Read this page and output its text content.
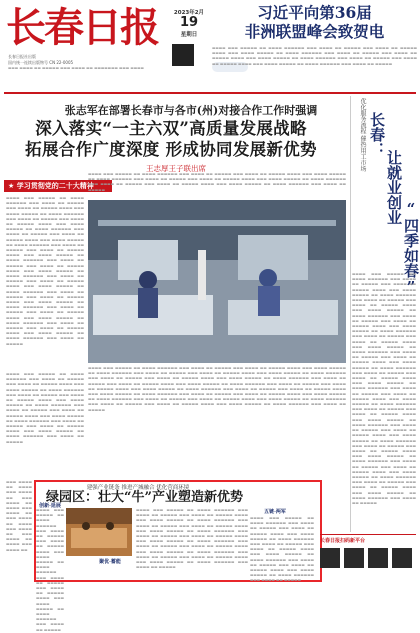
长春日报
长春日报社出版
国内统一连续出版物号 CN 22-0005
▬▬▬ ▬▬▬▬ ▬▬ ▬▬▬▬▬ ▬▬▬ ▬▬▬▬ ▬▬ ▬▬▬▬▬▬▬ ▬▬▬ ▬▬▬▬
2023年2月
19
星期日
习近平向第36届
非洲联盟峰会致贺电
▬▬▬▬ ▬▬▬ ▬▬▬▬▬ ▬▬ ▬▬▬▬ ▬▬▬▬▬▬ ▬▬▬ ▬▬▬▬ ▬▬ ▬▬▬▬▬ ▬▬▬ ▬▬▬▬ ▬▬ ▬▬▬▬▬ ▬▬▬▬ ▬▬▬ ▬▬▬▬ ▬▬▬▬▬ ▬▬ ▬▬▬▬ ▬▬▬▬▬▬ ▬▬▬ ▬▬▬▬ ▬▬ ▬▬▬▬▬ ▬▬▬ ▬▬▬▬ ▬▬ ▬▬▬▬▬ ▬▬▬▬ ▬▬▬ ▬▬▬▬ ▬▬▬▬▬ ▬▬ ▬▬▬▬ ▬▬▬▬▬▬ ▬▬▬ ▬▬▬▬ ▬▬ ▬▬▬▬▬ ▬▬▬ ▬▬▬▬ ▬▬ ▬▬▬▬▬ ▬▬▬▬ ▬▬▬ ▬▬▬▬ ▬▬▬▬▬ ▬▬ ▬▬▬▬ ▬▬▬▬▬▬ ▬▬▬ ▬▬▬▬ ▬▬ ▬▬▬▬▬
张志军在部署长春市与各市(州)对接合作工作时强调
深入落实“一主六双”高质量发展战略
拓展合作广度深度 形成协同发展新优势
王志厚王子联出席
★ 学习贯彻党的二十大精神
▬▬▬▬ ▬▬▬ ▬▬▬▬▬ ▬▬ ▬▬▬▬ ▬▬▬▬▬▬ ▬▬▬ ▬▬▬▬ ▬▬ ▬▬▬▬▬ ▬▬▬ ▬▬▬▬ ▬▬ ▬▬▬▬▬ ▬▬▬▬ ▬▬▬ ▬▬▬▬ ▬▬▬▬▬ ▬▬ ▬▬▬▬ ▬▬▬▬▬▬ ▬▬▬ ▬▬▬▬ ▬▬ ▬▬▬▬▬ ▬▬▬ ▬▬▬▬ ▬▬ ▬▬▬▬▬ ▬▬▬▬ ▬▬▬ ▬▬▬▬ ▬▬▬▬▬ ▬▬ ▬▬▬▬ ▬▬▬▬▬▬ ▬▬▬ ▬▬▬▬ ▬▬ ▬▬▬▬▬ ▬▬▬ ▬▬▬▬ ▬▬ ▬▬▬▬▬ ▬▬▬▬ ▬▬▬ ▬▬▬▬ ▬▬▬▬▬ ▬▬ ▬▬▬▬ ▬▬▬▬▬▬ ▬▬▬ ▬▬▬▬ ▬▬ ▬▬▬▬▬ ▬▬▬ ▬▬▬▬ ▬▬ ▬▬▬▬▬ ▬▬▬▬ ▬▬▬ ▬▬▬▬ ▬▬▬▬▬ ▬▬ ▬▬▬▬ ▬▬▬▬▬▬ ▬▬▬ ▬▬▬▬ ▬▬ ▬▬▬▬▬ ▬▬▬ ▬▬▬▬ ▬▬ ▬▬▬▬▬ ▬▬▬▬ ▬▬▬ ▬▬▬▬ ▬▬▬▬▬ ▬▬ ▬▬▬▬ ▬▬▬▬▬▬ ▬▬▬ ▬▬▬▬ ▬▬ ▬▬▬▬▬ ▬▬▬ ▬▬▬▬ ▬▬ ▬▬▬▬▬ ▬▬▬▬ ▬▬▬ ▬▬▬▬ ▬▬▬▬▬ ▬▬ ▬▬▬▬ ▬▬▬▬▬▬ ▬▬▬ ▬▬▬▬ ▬▬ ▬▬▬▬▬ ▬▬▬ ▬▬▬▬ ▬▬ ▬▬▬▬▬ ▬▬▬▬ ▬▬▬ ▬▬▬▬ ▬▬▬▬▬ ▬▬ ▬▬▬▬ ▬▬▬▬▬▬ ▬▬▬ ▬▬▬▬ ▬▬ ▬▬▬▬▬ ▬▬▬ ▬▬▬▬ ▬▬ ▬▬▬▬▬ ▬▬▬▬ ▬▬▬ ▬▬▬▬ ▬▬▬▬▬ ▬▬ ▬▬▬▬ ▬▬▬▬▬▬ ▬▬▬ ▬▬▬▬ ▬▬ ▬▬▬▬▬ ▬▬▬ ▬▬▬▬ ▬▬ ▬▬▬▬▬ ▬▬▬▬ ▬▬▬ ▬▬▬▬ ▬▬▬▬▬ ▬▬ ▬▬▬▬ ▬▬▬▬▬▬ ▬▬▬ ▬▬▬▬ ▬▬ ▬▬▬▬▬
▬▬▬▬ ▬▬▬ ▬▬▬▬▬ ▬▬ ▬▬▬▬ ▬▬▬▬▬▬ ▬▬▬ ▬▬▬▬ ▬▬ ▬▬▬▬▬ ▬▬▬ ▬▬▬▬ ▬▬ ▬▬▬▬▬ ▬▬▬▬ ▬▬▬ ▬▬▬▬ ▬▬▬▬▬ ▬▬ ▬▬▬▬ ▬▬▬▬▬▬ ▬▬▬ ▬▬▬▬ ▬▬ ▬▬▬▬▬ ▬▬▬ ▬▬▬▬ ▬▬ ▬▬▬▬▬ ▬▬▬▬ ▬▬▬ ▬▬▬▬ ▬▬▬▬▬ ▬▬ ▬▬▬▬ ▬▬▬▬▬▬ ▬▬▬ ▬▬▬▬ ▬▬ ▬▬▬▬▬ ▬▬▬ ▬▬▬▬ ▬▬ ▬▬▬▬▬ ▬▬▬▬ ▬▬▬ ▬▬▬▬ ▬▬▬▬▬ ▬▬ ▬▬▬▬ ▬▬▬▬▬▬ ▬▬▬ ▬▬▬▬ ▬▬ ▬▬▬▬▬
▬▬▬▬ ▬▬▬ ▬▬▬▬▬ ▬▬ ▬▬▬▬ ▬▬▬▬▬▬ ▬▬▬ ▬▬▬▬ ▬▬ ▬▬▬▬▬ ▬▬▬ ▬▬▬▬ ▬▬ ▬▬▬▬▬ ▬▬▬▬ ▬▬▬ ▬▬▬▬ ▬▬▬▬▬ ▬▬ ▬▬▬▬ ▬▬▬▬▬▬ ▬▬▬ ▬▬▬▬ ▬▬ ▬▬▬▬▬ ▬▬▬ ▬▬▬▬ ▬▬ ▬▬▬▬▬ ▬▬▬▬ ▬▬▬ ▬▬▬▬ ▬▬▬▬▬ ▬▬ ▬▬▬▬ ▬▬▬▬▬▬ ▬▬▬ ▬▬▬▬ ▬▬ ▬▬▬▬▬ ▬▬▬ ▬▬▬▬ ▬▬ ▬▬▬▬▬ ▬▬▬▬ ▬▬▬ ▬▬▬▬ ▬▬▬▬▬ ▬▬ ▬▬▬▬ ▬▬▬▬▬▬ ▬▬▬ ▬▬▬▬ ▬▬ ▬▬▬▬▬ ▬▬▬ ▬▬▬▬ ▬▬ ▬▬▬▬▬ ▬▬▬▬ ▬▬▬ ▬▬▬▬ ▬▬▬▬▬ ▬▬ ▬▬▬▬ ▬▬▬▬▬▬ ▬▬▬ ▬▬▬▬ ▬▬ ▬▬▬▬▬ ▬▬▬ ▬▬▬▬ ▬▬ ▬▬▬▬▬ ▬▬▬▬ ▬▬▬ ▬▬▬▬ ▬▬▬▬▬ ▬▬ ▬▬▬▬ ▬▬▬▬▬▬ ▬▬▬ ▬▬▬▬ ▬▬ ▬▬▬▬▬ ▬▬▬ ▬▬▬▬ ▬▬ ▬▬▬▬▬ ▬▬▬▬ ▬▬▬ ▬▬▬▬ ▬▬▬▬▬ ▬▬ ▬▬▬▬ ▬▬▬▬▬▬ ▬▬▬ ▬▬▬▬ ▬▬ ▬▬▬▬▬ ▬▬▬ ▬▬▬▬ ▬▬ ▬▬▬▬▬ ▬▬▬▬ ▬▬▬ ▬▬▬▬ ▬▬▬▬▬ ▬▬ ▬▬▬▬ ▬▬▬▬▬▬ ▬▬▬ ▬▬▬▬ ▬▬ ▬▬▬▬▬ ▬▬▬ ▬▬▬▬ ▬▬ ▬▬▬▬▬ ▬▬▬▬ ▬▬▬ ▬▬▬▬ ▬▬▬▬▬ ▬▬ ▬▬▬▬ ▬▬▬▬▬▬ ▬▬▬ ▬▬▬▬ ▬▬ ▬▬▬▬▬ ▬▬▬ ▬▬▬▬ ▬▬ ▬▬▬▬▬ ▬▬▬▬ ▬▬▬ ▬▬▬▬ ▬▬▬▬▬ ▬▬ ▬▬▬▬ ▬▬▬▬▬▬ ▬▬▬ ▬▬▬▬ ▬▬ ▬▬▬▬▬
▬▬▬▬ ▬▬▬ ▬▬▬▬▬ ▬▬ ▬▬▬▬ ▬▬▬▬▬▬ ▬▬▬ ▬▬▬▬ ▬▬ ▬▬▬▬▬ ▬▬▬ ▬▬▬▬ ▬▬ ▬▬▬▬▬ ▬▬▬▬ ▬▬▬ ▬▬▬▬ ▬▬▬▬▬ ▬▬ ▬▬▬▬ ▬▬▬▬▬▬ ▬▬▬ ▬▬▬▬ ▬▬ ▬▬▬▬▬ ▬▬▬ ▬▬▬▬ ▬▬ ▬▬▬▬▬ ▬▬▬▬ ▬▬▬ ▬▬▬▬ ▬▬▬▬▬ ▬▬ ▬▬▬▬ ▬▬▬▬▬▬ ▬▬▬ ▬▬▬▬ ▬▬ ▬▬▬▬▬ ▬▬▬ ▬▬▬▬ ▬▬ ▬▬▬▬▬ ▬▬▬▬ ▬▬▬ ▬▬▬▬ ▬▬▬▬▬ ▬▬ ▬▬▬▬ ▬▬▬▬▬▬ ▬▬▬ ▬▬▬▬ ▬▬ ▬▬▬▬▬ ▬▬▬ ▬▬▬▬ ▬▬ ▬▬▬▬▬ ▬▬▬▬ ▬▬▬ ▬▬▬▬ ▬▬▬▬▬ ▬▬ ▬▬▬▬ ▬▬▬▬▬▬ ▬▬▬ ▬▬▬▬ ▬▬ ▬▬▬▬▬
优化服务流程 催热用工市场 长春：
让就业创业
“四季如春”
▬▬▬▬ ▬▬▬ ▬▬▬▬▬ ▬▬ ▬▬▬▬ ▬▬▬▬▬▬ ▬▬▬ ▬▬▬▬ ▬▬ ▬▬▬▬▬ ▬▬▬ ▬▬▬▬ ▬▬ ▬▬▬▬▬ ▬▬▬▬ ▬▬▬ ▬▬▬▬ ▬▬▬▬▬ ▬▬ ▬▬▬▬ ▬▬▬▬▬▬ ▬▬▬ ▬▬▬▬ ▬▬ ▬▬▬▬▬ ▬▬▬ ▬▬▬▬ ▬▬ ▬▬▬▬▬ ▬▬▬▬ ▬▬▬ ▬▬▬▬ ▬▬▬▬▬ ▬▬ ▬▬▬▬ ▬▬▬▬▬▬ ▬▬▬ ▬▬▬▬ ▬▬ ▬▬▬▬▬ ▬▬▬ ▬▬▬▬ ▬▬ ▬▬▬▬▬ ▬▬▬▬ ▬▬▬ ▬▬▬▬ ▬▬▬▬▬ ▬▬ ▬▬▬▬ ▬▬▬▬▬▬ ▬▬▬ ▬▬▬▬ ▬▬ ▬▬▬▬▬ ▬▬▬ ▬▬▬▬ ▬▬ ▬▬▬▬▬ ▬▬▬▬ ▬▬▬ ▬▬▬▬ ▬▬▬▬▬ ▬▬ ▬▬▬▬ ▬▬▬▬▬▬ ▬▬▬ ▬▬▬▬ ▬▬ ▬▬▬▬▬ ▬▬▬ ▬▬▬▬ ▬▬ ▬▬▬▬▬ ▬▬▬▬ ▬▬▬ ▬▬▬▬ ▬▬▬▬▬ ▬▬ ▬▬▬▬ ▬▬▬▬▬▬ ▬▬▬ ▬▬▬▬ ▬▬ ▬▬▬▬▬ ▬▬▬ ▬▬▬▬ ▬▬ ▬▬▬▬▬ ▬▬▬▬ ▬▬▬ ▬▬▬▬ ▬▬▬▬▬ ▬▬ ▬▬▬▬ ▬▬▬▬▬▬ ▬▬▬ ▬▬▬▬ ▬▬ ▬▬▬▬▬ ▬▬▬ ▬▬▬▬ ▬▬ ▬▬▬▬▬ ▬▬▬▬ ▬▬▬ ▬▬▬▬ ▬▬▬▬▬ ▬▬ ▬▬▬▬ ▬▬▬▬▬▬ ▬▬▬ ▬▬▬▬ ▬▬ ▬▬▬▬▬ ▬▬▬ ▬▬▬▬ ▬▬ ▬▬▬▬▬ ▬▬▬▬ ▬▬▬ ▬▬▬▬ ▬▬▬▬▬ ▬▬ ▬▬▬▬ ▬▬▬▬▬▬ ▬▬▬ ▬▬▬▬ ▬▬ ▬▬▬▬▬ ▬▬▬ ▬▬▬▬ ▬▬ ▬▬▬▬▬ ▬▬▬▬ ▬▬▬ ▬▬▬▬ ▬▬▬▬▬ ▬▬ ▬▬▬▬ ▬▬▬▬▬▬ ▬▬▬ ▬▬▬▬ ▬▬ ▬▬▬▬▬ ▬▬▬ ▬▬▬▬ ▬▬ ▬▬▬▬▬ ▬▬▬▬ ▬▬▬ ▬▬▬▬ ▬▬▬▬▬ ▬▬ ▬▬▬▬ ▬▬▬▬▬▬ ▬▬▬ ▬▬▬▬ ▬▬ ▬▬▬▬▬ ▬▬▬ ▬▬▬▬ ▬▬ ▬▬▬▬▬ ▬▬▬▬ ▬▬▬ ▬▬▬▬ ▬▬▬▬▬ ▬▬ ▬▬▬▬ ▬▬▬▬▬▬ ▬▬▬ ▬▬▬▬ ▬▬ ▬▬▬▬▬ ▬▬▬ ▬▬▬▬ ▬▬ ▬▬▬▬▬ ▬▬▬▬ ▬▬▬ ▬▬▬▬ ▬▬▬▬▬ ▬▬ ▬▬▬▬ ▬▬▬▬▬▬ ▬▬▬ ▬▬▬▬ ▬▬ ▬▬▬▬▬
建强产业链条 推进产城融合 优化营商环境
绿园区：壮大“牛”产业塑造新优势
创新·延展
聚优·蓄能
五链·两军
▬▬▬▬ ▬▬▬ ▬▬▬▬▬ ▬▬ ▬▬▬▬ ▬▬▬▬▬▬ ▬▬▬ ▬▬▬▬ ▬▬ ▬▬▬▬▬ ▬▬▬ ▬▬▬▬ ▬▬ ▬▬▬▬▬ ▬▬▬▬ ▬▬▬ ▬▬▬▬ ▬▬▬▬▬ ▬▬ ▬▬▬▬ ▬▬▬▬▬▬ ▬▬▬ ▬▬▬▬ ▬▬ ▬▬▬▬▬ ▬▬▬ ▬▬▬▬ ▬▬ ▬▬▬▬▬ ▬▬▬▬ ▬▬▬ ▬▬▬▬ ▬▬▬▬▬ ▬▬ ▬▬▬▬ ▬▬▬▬▬▬ ▬▬▬ ▬▬▬▬ ▬▬ ▬▬▬▬▬
▬▬▬▬ ▬▬▬ ▬▬▬▬▬ ▬▬ ▬▬▬▬ ▬▬▬▬▬▬ ▬▬▬ ▬▬▬▬ ▬▬ ▬▬▬▬▬ ▬▬▬ ▬▬▬▬ ▬▬ ▬▬▬▬▬ ▬▬▬▬ ▬▬▬ ▬▬▬▬ ▬▬▬▬▬ ▬▬ ▬▬▬▬ ▬▬▬▬▬▬ ▬▬▬ ▬▬▬▬ ▬▬ ▬▬▬▬▬ ▬▬▬ ▬▬▬▬ ▬▬ ▬▬▬▬▬ ▬▬▬▬ ▬▬▬ ▬▬▬▬ ▬▬▬▬▬ ▬▬ ▬▬▬▬ ▬▬▬▬▬▬ ▬▬▬ ▬▬▬▬ ▬▬ ▬▬▬▬▬ ▬▬▬ ▬▬▬▬ ▬▬ ▬▬▬▬▬ ▬▬▬▬ ▬▬▬ ▬▬▬▬ ▬▬▬▬▬ ▬▬ ▬▬▬▬ ▬▬▬▬▬▬ ▬▬▬ ▬▬▬▬ ▬▬ ▬▬▬▬▬ ▬▬▬ ▬▬▬▬ ▬▬ ▬▬▬▬▬ ▬▬▬▬ ▬▬▬ ▬▬▬▬ ▬▬▬▬▬ ▬▬ ▬▬▬▬ ▬▬▬▬▬▬ ▬▬▬ ▬▬▬▬ ▬▬ ▬▬▬▬▬ ▬▬▬ ▬▬▬▬ ▬▬ ▬▬▬▬▬ ▬▬▬▬ ▬▬▬ ▬▬▬▬ ▬▬▬▬▬ ▬▬ ▬▬▬▬ ▬▬▬▬▬▬ ▬▬▬ ▬▬▬▬ ▬▬ ▬▬▬▬▬
▬▬▬▬ ▬▬▬ ▬▬▬▬▬ ▬▬ ▬▬▬▬ ▬▬▬▬▬▬ ▬▬▬ ▬▬▬▬ ▬▬ ▬▬▬▬▬ ▬▬▬ ▬▬▬▬ ▬▬ ▬▬▬▬▬ ▬▬▬▬ ▬▬▬ ▬▬▬▬ ▬▬▬▬▬ ▬▬ ▬▬▬▬ ▬▬▬▬▬▬ ▬▬▬ ▬▬▬▬ ▬▬ ▬▬▬▬▬ ▬▬▬ ▬▬▬▬ ▬▬ ▬▬▬▬▬ ▬▬▬▬ ▬▬▬ ▬▬▬▬ ▬▬▬▬▬ ▬▬ ▬▬▬▬ ▬▬▬▬▬▬ ▬▬▬ ▬▬▬▬ ▬▬ ▬▬▬▬▬ ▬▬▬ ▬▬▬▬ ▬▬ ▬▬▬▬▬ ▬▬▬▬ ▬▬▬ ▬▬▬▬ ▬▬▬▬▬ ▬▬ ▬▬▬▬ ▬▬▬▬▬▬ ▬▬▬ ▬▬▬▬ ▬▬ ▬▬▬▬▬
▬▬▬ ▬▬▬▬ ▬▬ ▬▬▬▬ ▬▬▬ ▬▬▬▬ ▬▬ ▬▬▬ ▬▬▬▬ ▬▬ ▬▬▬▬ ▬▬▬ ▬▬▬▬ ▬▬ ▬▬▬ ▬▬▬▬ ▬▬ ▬▬▬▬ ▬▬▬ ▬▬▬▬ ▬▬ ▬▬▬ ▬▬▬▬ ▬▬ ▬▬▬▬ ▬▬▬ ▬▬▬▬ ▬▬
长春日报扫码新平台
